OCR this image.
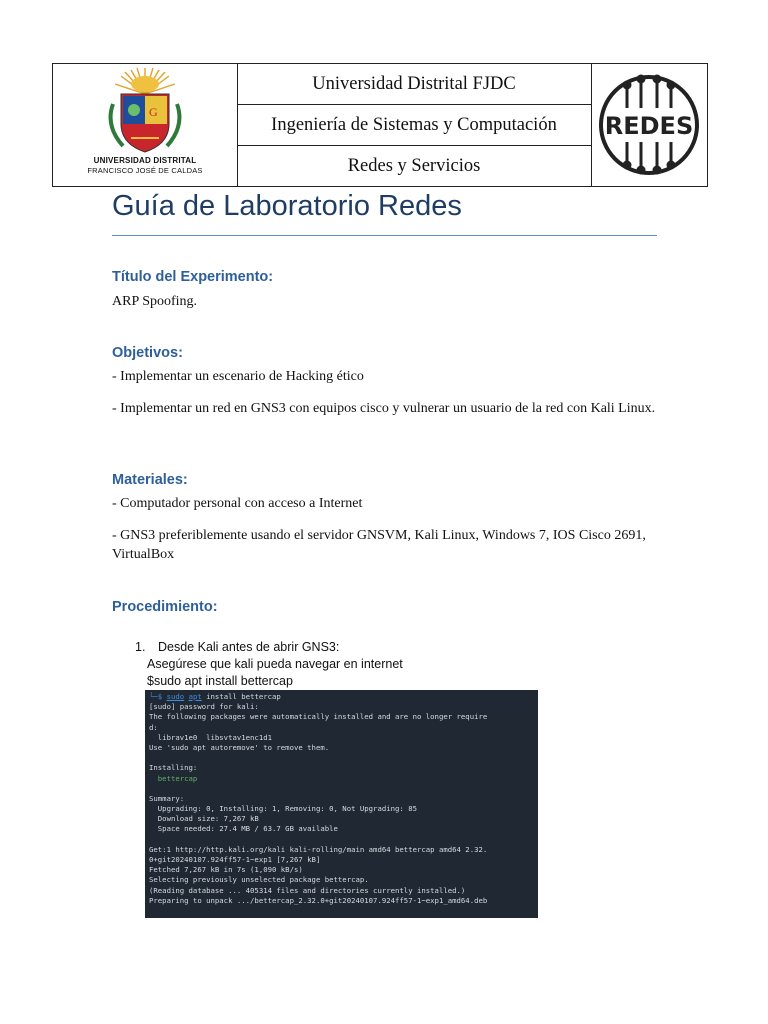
G
UNIVERSIDAD DISTRITAL
FRANCISCO JOSÉ DE CALDAS
Universidad Distrital FJDC
Ingeniería de Sistemas y Computación
Redes y Servicios
REDES
Guía de Laboratorio Redes
Título del Experimento:
ARP Spoofing.
Objetivos:
- Implementar un escenario de Hacking ético
- Implementar un red en GNS3 con equipos cisco y vulnerar un usuario de la red con Kali Linux.
Materiales:
- Computador personal con acceso a Internet
- GNS3 preferiblemente usando el servidor GNSVM, Kali Linux, Windows 7, IOS Cisco 2691, VirtualBox
Procedimiento:
1. Desde Kali antes de abrir GNS3:
Asegúrese que kali pueda navegar en internet
$sudo apt install bettercap
└─$ sudo apt install bettercap
[sudo] password for kali:
The following packages were automatically installed and are no longer require
d:
librav1e0  libsvtav1enc1d1
Use 'sudo apt autoremove' to remove them.
Installing:
bettercap
Summary:
Upgrading: 0, Installing: 1, Removing: 0, Not Upgrading: 85
Download size: 7,267 kB
Space needed: 27.4 MB / 63.7 GB available
Get:1 http://http.kali.org/kali kali-rolling/main amd64 bettercap amd64 2.32.
0+git20240107.924ff57-1~exp1 [7,267 kB]
Fetched 7,267 kB in 7s (1,090 kB/s)
Selecting previously unselected package bettercap.
(Reading database ... 405314 files and directories currently installed.)
Preparing to unpack .../bettercap_2.32.0+git20240107.924ff57-1~exp1_amd64.deb
